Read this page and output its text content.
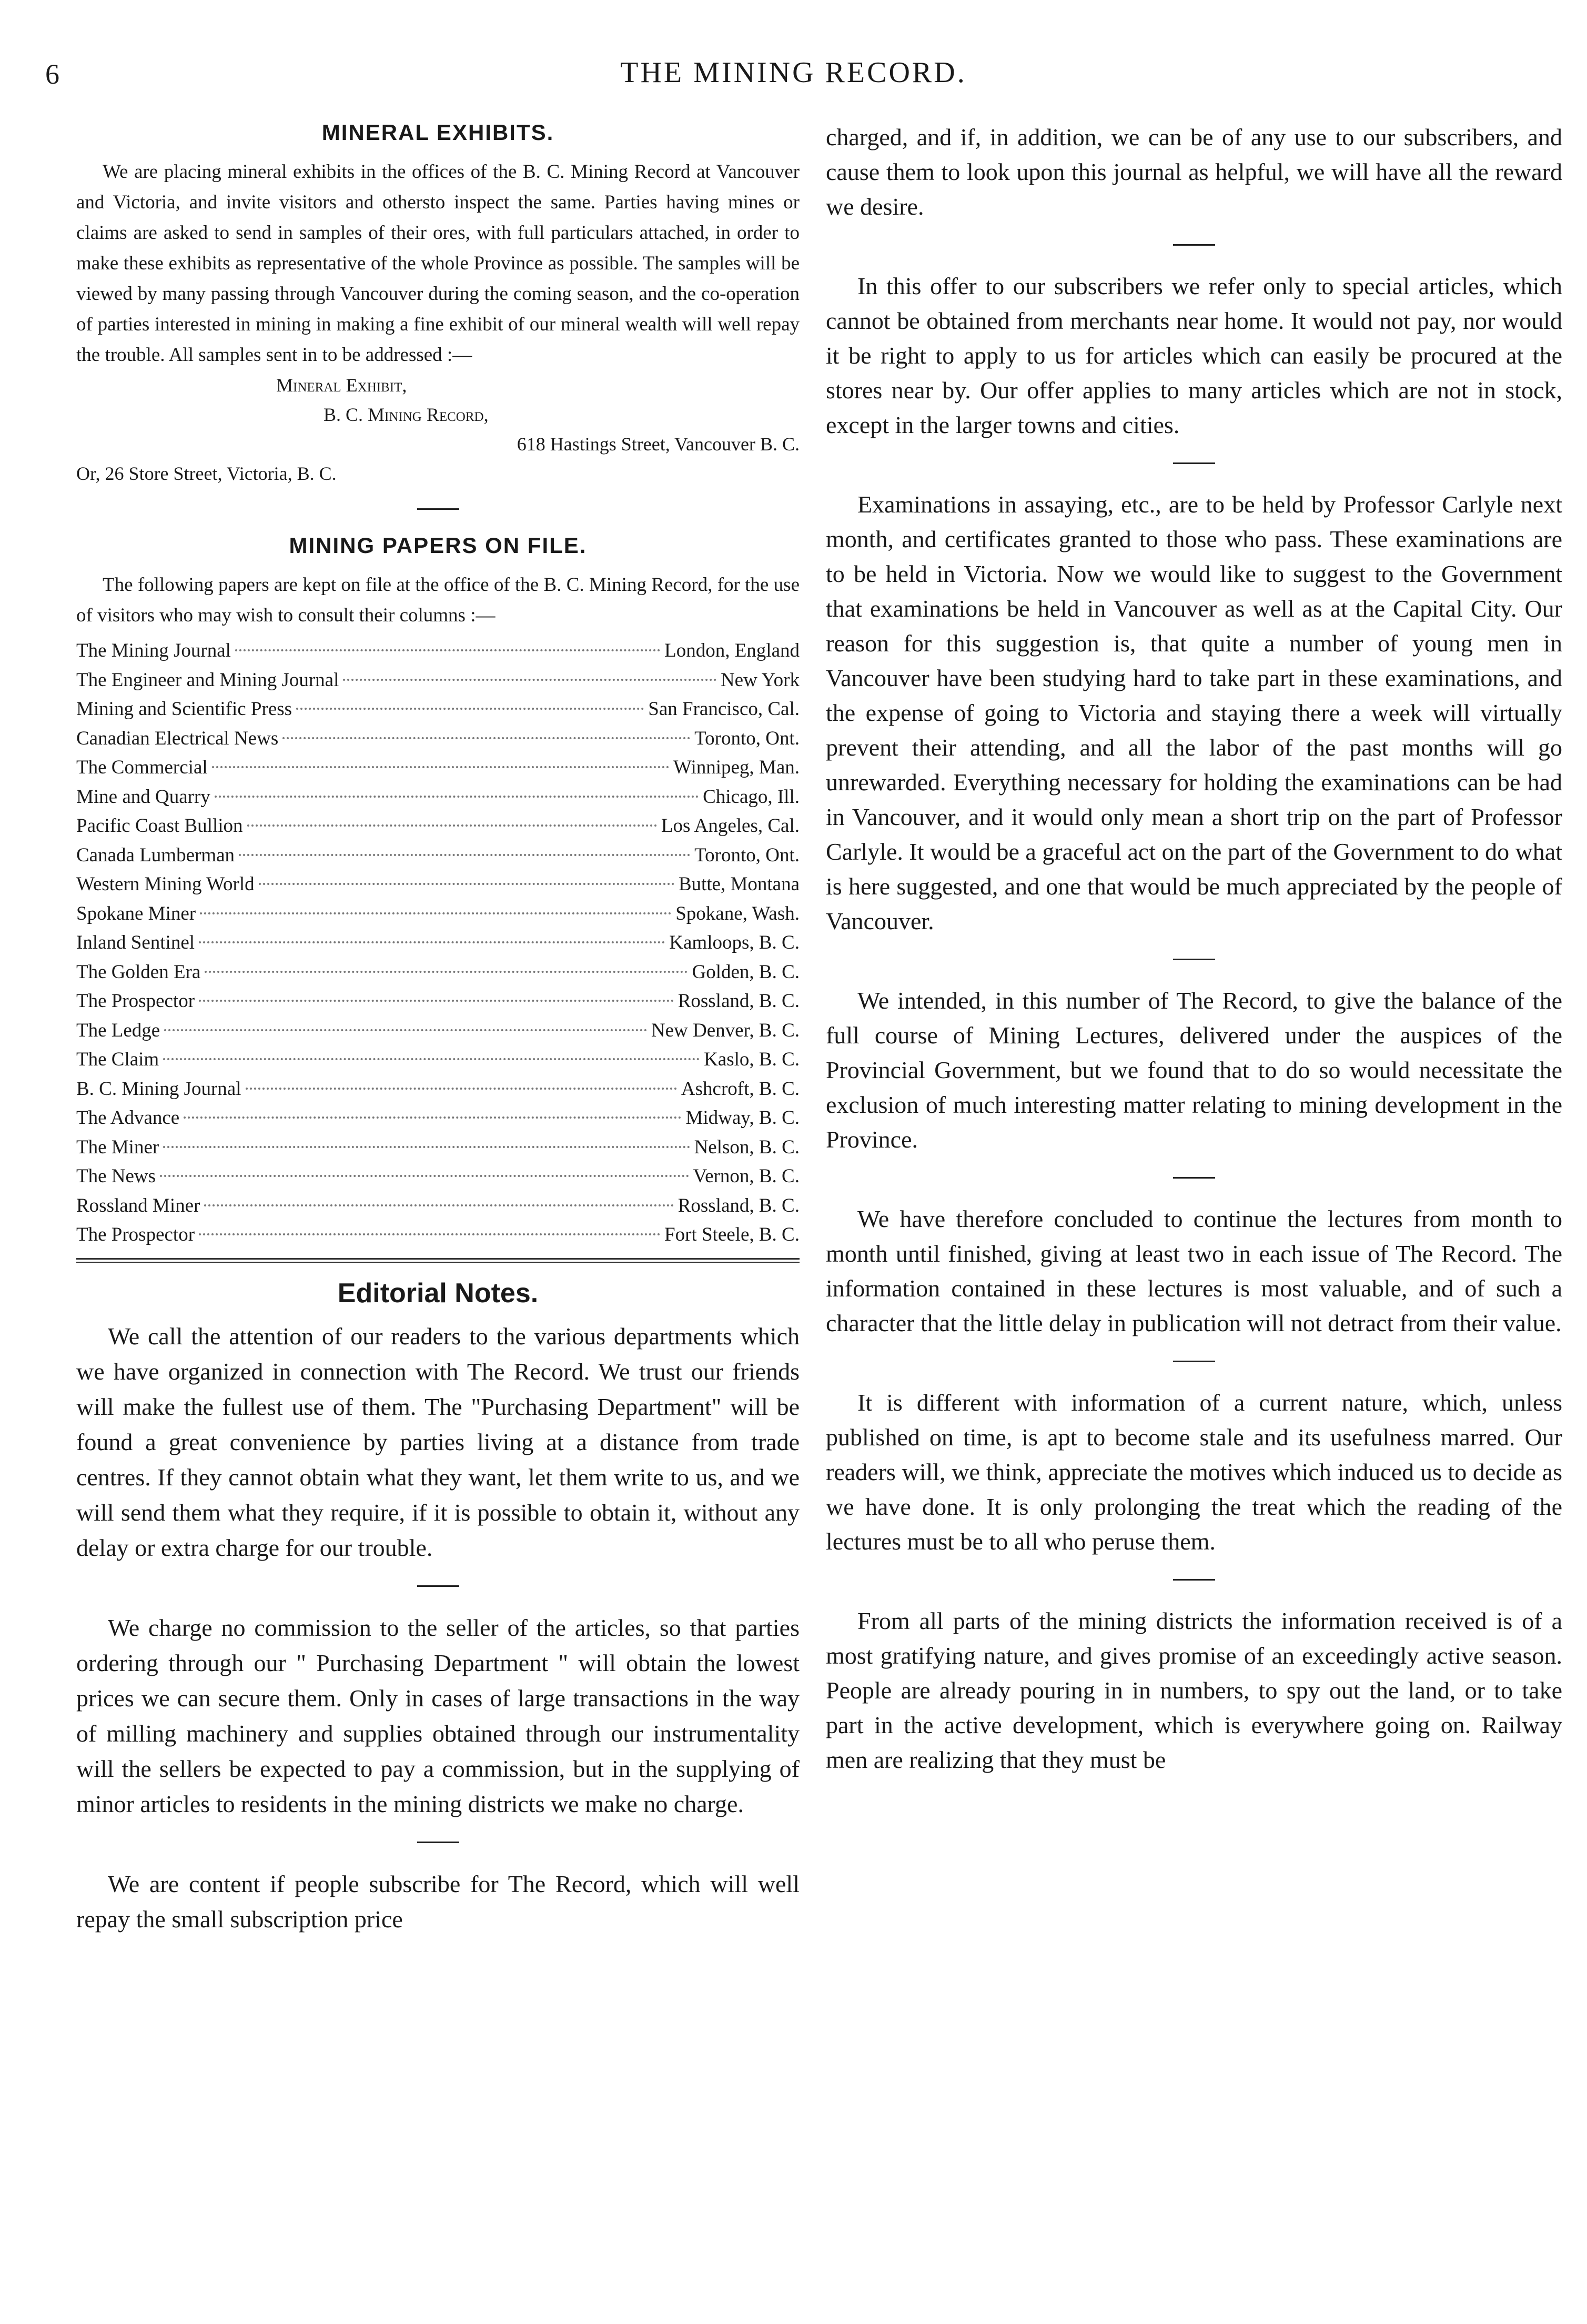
6	THE MINING RECORD.
MINERAL EXHIBITS.

We are placing mineral exhibits in the offices of the B. C. Mining Record at Vancouver and Victoria, and invite visitors and othersto inspect the same. Parties having mines or claims are asked to send in samples of their ores, with full particulars attached, in order to make these exhibits as representative of the whole Province as possible. The samples will be viewed by many passing through Vancouver during the coming season, and the co-operation of parties interested in mining in making a fine exhibit of our mineral wealth will well repay the trouble. All samples sent in to be addressed :—

Mineral Exhibit,
B. C. Mining Record,
618 Hastings Street, Vancouver B. C.
Or, 26 Store Street, Victoria, B. C.
MINING PAPERS ON FILE.

The following papers are kept on file at the office of the B. C. Mining Record, for the use of visitors who may wish to consult their columns :—

The Mining Journal	London, England
The Engineer and Mining Journal	New York
Mining and Scientific Press	San Francisco, Cal.
Canadian Electrical News	Toronto, Ont.
The Commercial	Winnipeg, Man.
Mine and Quarry	Chicago, Ill.
Pacific Coast Bullion	Los Angeles, Cal.
Canada Lumberman	Toronto, Ont.
Western Mining World	Butte, Montana
Spokane Miner	Spokane, Wash.
Inland Sentinel	Kamloops, B. C.
The Golden Era	Golden, B. C.
The Prospector	Rossland, B. C.
The Ledge	New Denver, B. C.
The Claim	Kaslo, B. C.
B. C. Mining Journal	Ashcroft, B. C.
The Advance	Midway, B. C.
The Miner	Nelson, B. C.
The News	Vernon, B. C.
Rossland Miner	Rossland, B. C.
The Prospector	Fort Steele, B. C.
Editorial Notes.

We call the attention of our readers to the various departments which we have organized in connection with The Record. We trust our friends will make the fullest use of them. The "Purchasing Department" will be found a great convenience by parties living at a distance from trade centres. If they cannot obtain what they want, let them write to us, and we will send them what they require, if it is possible to obtain it, without any delay or extra charge for our trouble.

We charge no commission to the seller of the articles, so that parties ordering through our " Purchasing Department " will obtain the lowest prices we can secure them. Only in cases of large transactions in the way of milling machinery and supplies obtained through our instrumentality will the sellers be expected to pay a commission, but in the supplying of minor articles to residents in the mining districts we make no charge.

We are content if people subscribe for The Record, which will well repay the small subscription price

charged, and if, in addition, we can be of any use to our subscribers, and cause them to look upon this journal as helpful, we will have all the reward we desire.

In this offer to our subscribers we refer only to special articles, which cannot be obtained from merchants near home. It would not pay, nor would it be right to apply to us for articles which can easily be procured at the stores near by. Our offer applies to many articles which are not in stock, except in the larger towns and cities.

Examinations in assaying, etc., are to be held by Professor Carlyle next month, and certificates granted to those who pass. These examinations are to be held in Victoria. Now we would like to suggest to the Government that examinations be held in Vancouver as well as at the Capital City. Our reason for this suggestion is, that quite a number of young men in Vancouver have been studying hard to take part in these examinations, and the expense of going to Victoria and staying there a week will virtually prevent their attending, and all the labor of the past months will go unrewarded. Everything necessary for holding the examinations can be had in Vancouver, and it would only mean a short trip on the part of Professor Carlyle. It would be a graceful act on the part of the Government to do what is here suggested, and one that would be much appreciated by the people of Vancouver.

We intended, in this number of The Record, to give the balance of the full course of Mining Lectures, delivered under the auspices of the Provincial Government, but we found that to do so would necessitate the exclusion of much interesting matter relating to mining development in the Province.

We have therefore concluded to continue the lectures from month to month until finished, giving at least two in each issue of The Record. The information contained in these lectures is most valuable, and of such a character that the little delay in publication will not detract from their value.

It is different with information of a current nature, which, unless published on time, is apt to become stale and its usefulness marred. Our readers will, we think, appreciate the motives which induced us to decide as we have done. It is only prolonging the treat which the reading of the lectures must be to all who peruse them.

From all parts of the mining districts the information received is of a most gratifying nature, and gives promise of an exceedingly active season. People are already pouring in in numbers, to spy out the land, or to take part in the active development, which is everywhere going on. Railway men are realizing that they must be
